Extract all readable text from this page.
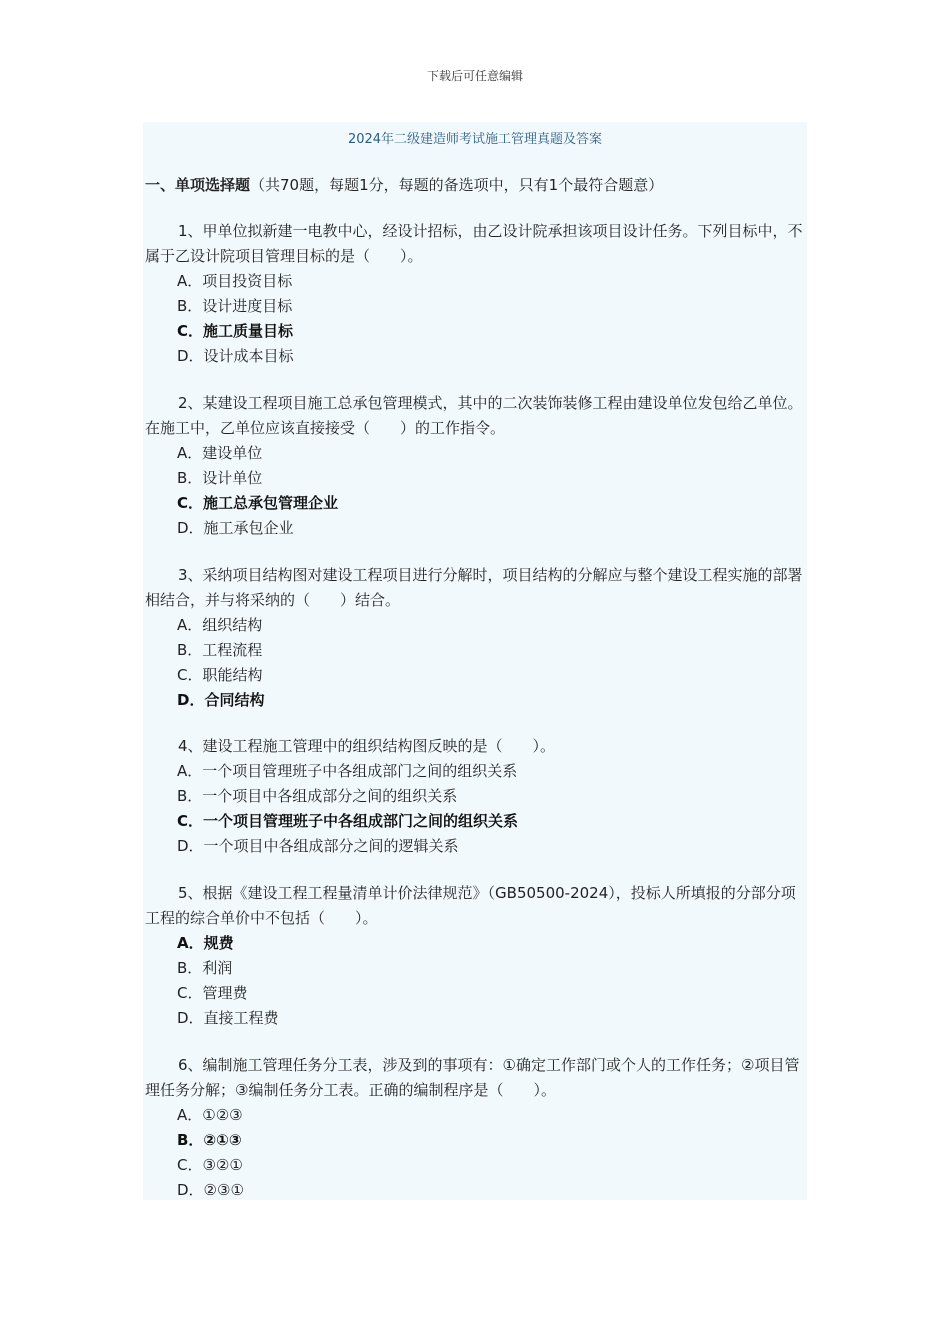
下载后可任意编辑
2024年二级建造师考试施工管理真题及答案
一、单项选择题（共70题，每题1分，每题的备选项中，只有1个最符合题意）

1、甲单位拟新建一电教中心，经设计招标，由乙设计院承担该项目设计任务。下列目标中，不属于乙设计院项目管理目标的是（　　）。

A．项目投资目标

B．设计进度目标

C．施工质量目标

D．设计成本目标

2、某建设工程项目施工总承包管理模式，其中的二次装饰装修工程由建设单位发包给乙单位。在施工中，乙单位应该直接接受（　　）的工作指令。

A．建设单位

B．设计单位

C．施工总承包管理企业

D．施工承包企业

3、采纳项目结构图对建设工程项目进行分解时，项目结构的分解应与整个建设工程实施的部署相结合，并与将采纳的（　　）结合。

A．组织结构

B．工程流程

C．职能结构

D．合同结构

4、建设工程施工管理中的组织结构图反映的是（　　）。

A．一个项目管理班子中各组成部门之间的组织关系

B．一个项目中各组成部分之间的组织关系

C．一个项目管理班子中各组成部门之间的组织关系

D．一个项目中各组成部分之间的逻辑关系

5、根据《建设工程工程量清单计价法律规范》（GB50500-2024），投标人所填报的分部分项工程的综合单价中不包括（　　）。

A．规费

B．利润

C．管理费

D．直接工程费

6、编制施工管理任务分工表，涉及到的事项有：①确定工作部门或个人的工作任务；②项目管理任务分解；③编制任务分工表。正确的编制程序是（　　）。

A．①②③

B．②①③

C．③②①

D．②③①
